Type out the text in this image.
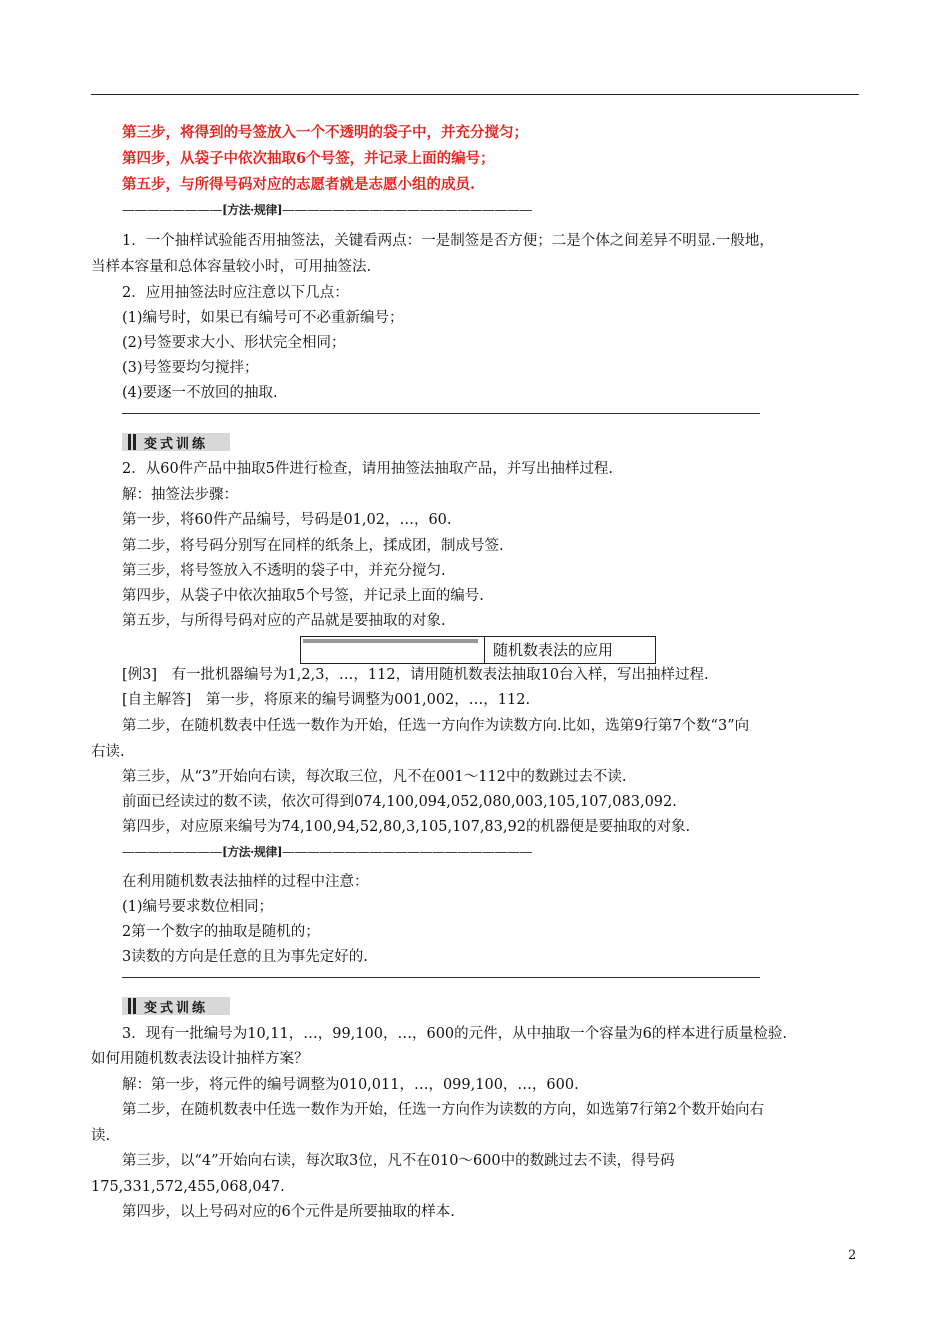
第三步，将得到的号签放入一个不透明的袋子中，并充分搅匀；
第四步，从袋子中依次抽取6个号签，并记录上面的编号；
第五步，与所得号码对应的志愿者就是志愿小组的成员.
————————[方法·规律]————————————————————
1．一个抽样试验能否用抽签法，关键看两点：一是制签是否方便；二是个体之间差异不明显.一般地，
当样本容量和总体容量较小时，可用抽签法.
2．应用抽签法时应注意以下几点：
(1)编号时，如果已有编号可不必重新编号；
(2)号签要求大小、形状完全相同；
(3)号签要均匀搅拌；
(4)要逐一不放回的抽取.
变式训练
2．从60件产品中抽取5件进行检查，请用抽签法抽取产品，并写出抽样过程.
解：抽签法步骤：
第一步，将60件产品编号，号码是01,02，…，60.
第二步，将号码分别写在同样的纸条上，揉成团，制成号签.
第三步，将号签放入不透明的袋子中，并充分搅匀.
第四步，从袋子中依次抽取5个号签，并记录上面的编号.
第五步，与所得号码对应的产品就是要抽取的对象.
随机数表法的应用
[例3]　有一批机器编号为1,2,3，…，112，请用随机数表法抽取10台入样，写出抽样过程.
[自主解答]　第一步，将原来的编号调整为001,002，…，112.
第二步，在随机数表中任选一数作为开始，任选一方向作为读数方向.比如，选第9行第7个数“3”向
右读.
第三步，从“3”开始向右读，每次取三位，凡不在001～112中的数跳过去不读.
前面已经读过的数不读，依次可得到074,100,094,052,080,003,105,107,083,092.
第四步，对应原来编号为74,100,94,52,80,3,105,107,83,92的机器便是要抽取的对象.
————————[方法·规律]————————————————————
在利用随机数表法抽样的过程中注意：
(1)编号要求数位相同；
2第一个数字的抽取是随机的；
3读数的方向是任意的且为事先定好的.
变式训练
3．现有一批编号为10,11，…，99,100，…，600的元件，从中抽取一个容量为6的样本进行质量检验.
如何用随机数表法设计抽样方案？
解：第一步，将元件的编号调整为010,011，…，099,100，…，600.
第二步，在随机数表中任选一数作为开始，任选一方向作为读数的方向，如选第7行第2个数开始向右
读.
第三步，以“4”开始向右读，每次取3位，凡不在010～600中的数跳过去不读，得号码
175,331,572,455,068,047.
第四步，以上号码对应的6个元件是所要抽取的样本.
2
